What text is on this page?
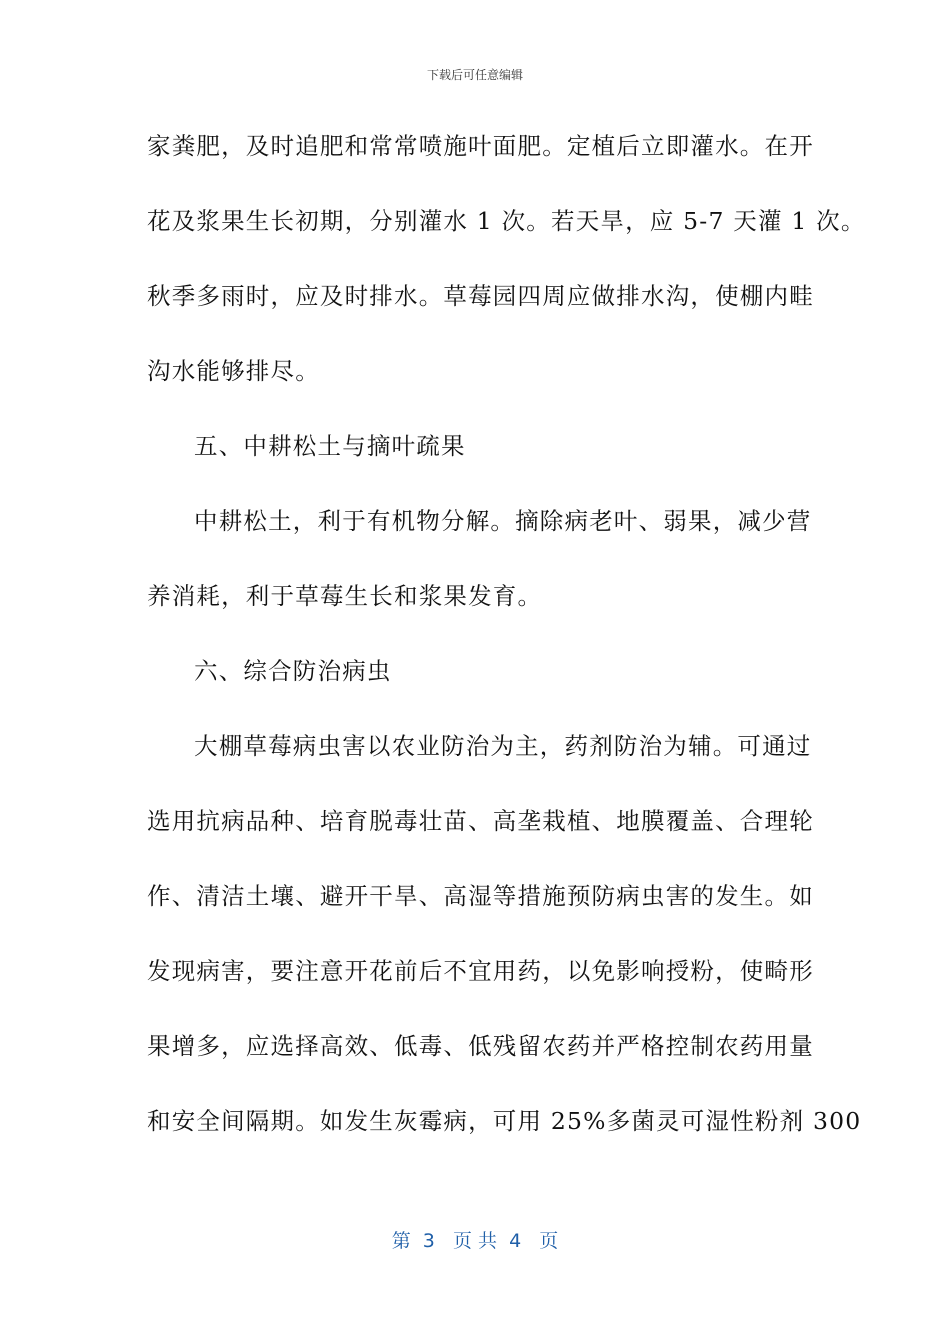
下载后可任意编辑
家粪肥，及时追肥和常常喷施叶面肥。定植后立即灌水。在开
花及浆果生长初期，分别灌水 1 次。若天旱，应 5-7 天灌 1 次。
秋季多雨时，应及时排水。草莓园四周应做排水沟，使棚内畦
沟水能够排尽。
五、中耕松土与摘叶疏果
中耕松土，利于有机物分解。摘除病老叶、弱果，减少营
养消耗，利于草莓生长和浆果发育。
六、综合防治病虫
大棚草莓病虫害以农业防治为主，药剂防治为辅。可通过
选用抗病品种、培育脱毒壮苗、高垄栽植、地膜覆盖、合理轮
作、清洁土壤、避开干旱、高湿等措施预防病虫害的发生。如
发现病害，要注意开花前后不宜用药，以免影响授粉，使畸形
果增多，应选择高效、低毒、低残留农药并严格控制农药用量
和安全间隔期。如发生灰霉病，可用 25%多菌灵可湿性粉剂 300
第  3   页 共  4   页
